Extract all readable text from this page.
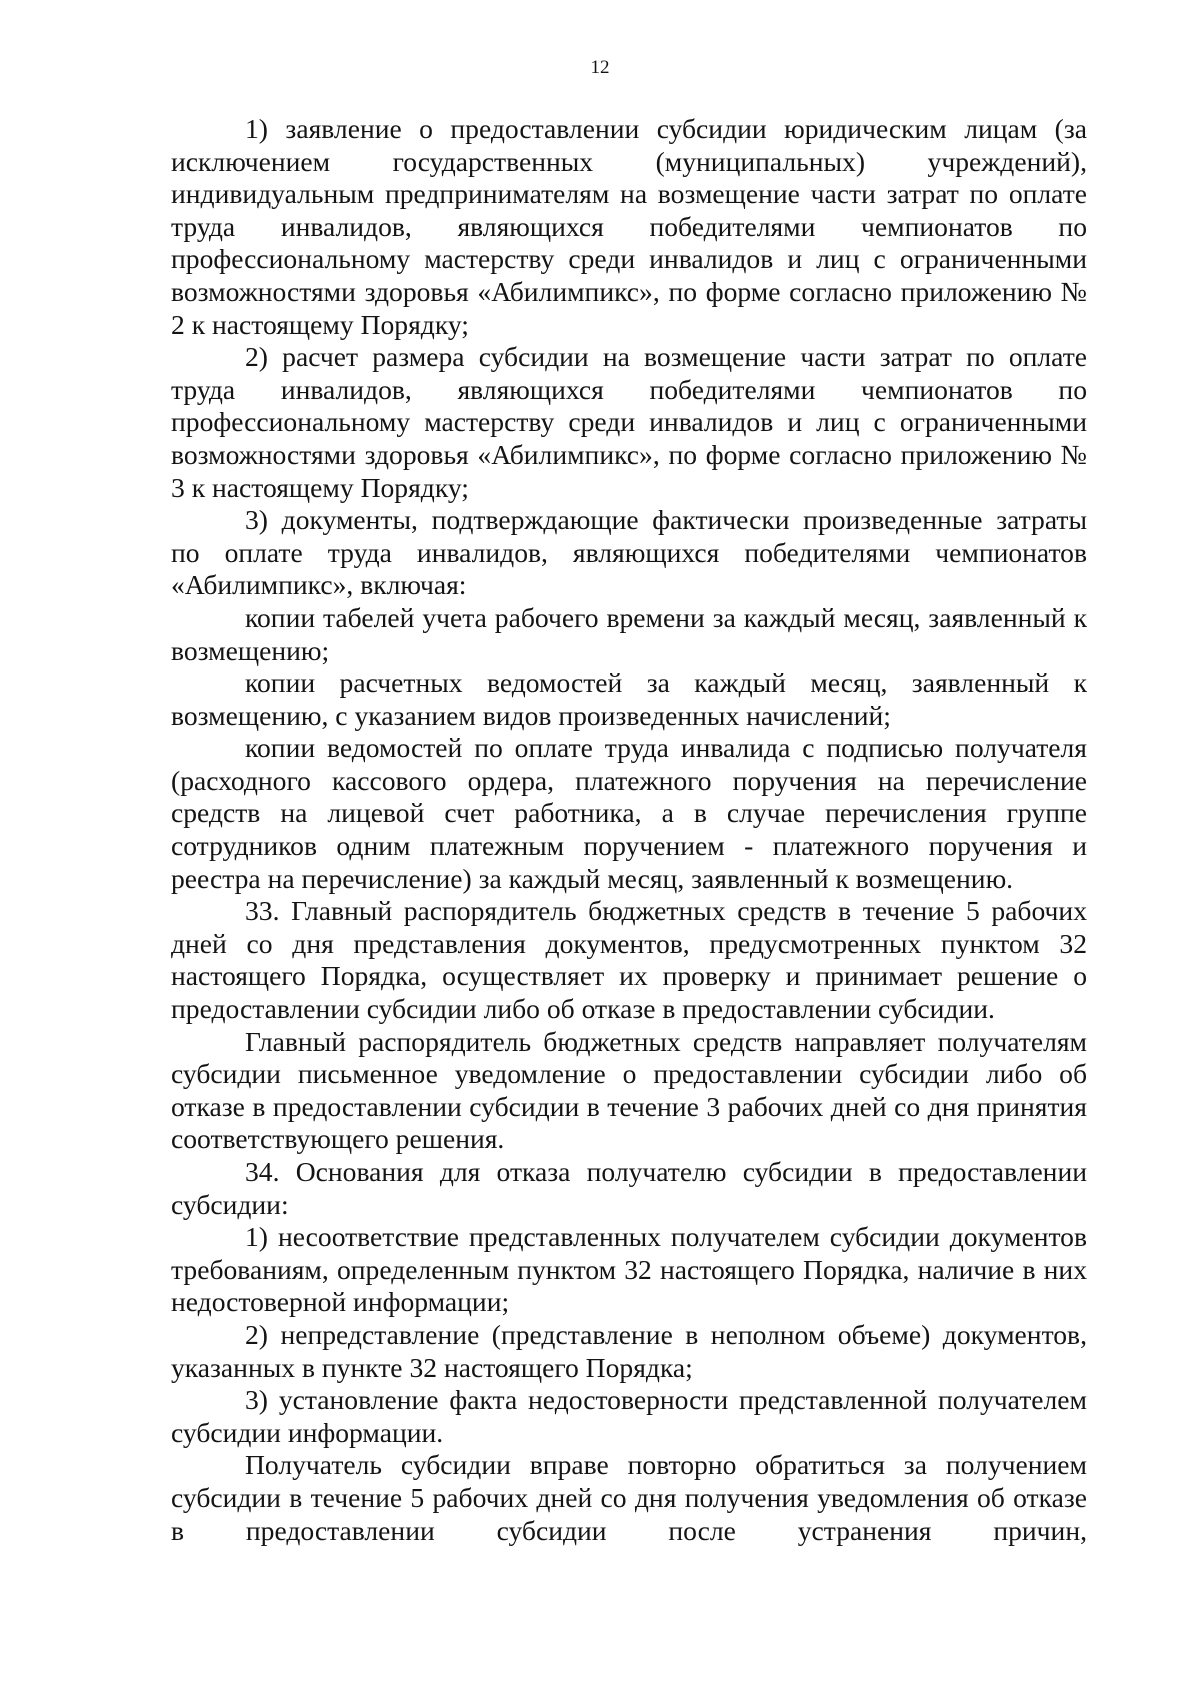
12

1) заявление о предоставлении субсидии юридическим лицам (за исключением государственных (муниципальных) учреждений), индивидуальным предпринимателям на возмещение части затрат по оплате труда инвалидов, являющихся победителями чемпионатов по профессиональному мастерству среди инвалидов и лиц с ограниченными возможностями здоровья «Абилимпикс», по форме согласно приложению № 2 к настоящему Порядку;

2) расчет размера субсидии на возмещение части затрат по оплате труда инвалидов, являющихся победителями чемпионатов по профессиональному мастерству среди инвалидов и лиц с ограниченными возможностями здоровья «Абилимпикс», по форме согласно приложению № 3 к настоящему Порядку;

3) документы, подтверждающие фактически произведенные затраты по оплате труда инвалидов, являющихся победителями чемпионатов «Абилимпикс», включая:

копии табелей учета рабочего времени за каждый месяц, заявленный к возмещению;

копии расчетных ведомостей за каждый месяц, заявленный к возмещению, с указанием видов произведенных начислений;

копии ведомостей по оплате труда инвалида с подписью получателя (расходного кассового ордера, платежного поручения на перечисление средств на лицевой счет работника, а в случае перечисления группе сотрудников одним платежным поручением - платежного поручения и реестра на перечисление) за каждый месяц, заявленный к возмещению.

33. Главный распорядитель бюджетных средств в течение 5 рабочих дней со дня представления документов, предусмотренных пунктом 32 настоящего Порядка, осуществляет их проверку и принимает решение о предоставлении субсидии либо об отказе в предоставлении субсидии.

Главный распорядитель бюджетных средств направляет получателям субсидии письменное уведомление о предоставлении субсидии либо об отказе в предоставлении субсидии в течение 3 рабочих дней со дня принятия соответствующего решения.

34. Основания для отказа получателю субсидии в предоставлении субсидии:

1) несоответствие представленных получателем субсидии документов требованиям, определенным пунктом 32 настоящего Порядка, наличие в них недостоверной информации;

2) непредставление (представление в неполном объеме) документов, указанных в пункте 32 настоящего Порядка;

3) установление факта недостоверности представленной получателем субсидии информации.

Получатель субсидии вправе повторно обратиться за получением субсидии в течение 5 рабочих дней со дня получения уведомления об отказе в предоставлении субсидии после устранения причин,
